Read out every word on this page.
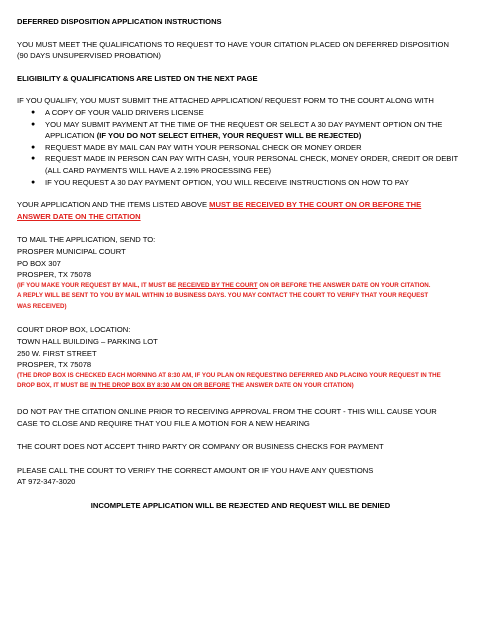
DEFERRED DISPOSITION APPLICATION INSTRUCTIONS

YOU MUST MEET THE QUALIFICATIONS TO REQUEST TO HAVE YOUR CITATION PLACED ON DEFERRED DISPOSITION

(90 DAYS UNSUPERVISED PROBATION)

ELIGIBILITY & QUALIFICATIONS ARE LISTED ON THE NEXT PAGE

IF YOU QUALIFY, YOU MUST SUBMIT THE ATTACHED APPLICATION/ REQUEST FORM TO THE COURT ALONG WITH

● A COPY OF YOUR VALID DRIVERS LICENSE
● YOU MAY SUBMIT PAYMENT AT THE TIME OF THE REQUEST OR SELECT A 30 DAY PAYMENT OPTION ON THE
APPLICATION (IF YOU DO NOT SELECT EITHER, YOUR REQUEST WILL BE REJECTED)
● REQUEST MADE BY MAIL CAN PAY WITH YOUR PERSONAL CHECK OR MONEY ORDER
● REQUEST MADE IN PERSON CAN PAY WITH CASH, YOUR PERSONAL CHECK, MONEY ORDER, CREDIT OR DEBIT
(ALL CARD PAYMENTS WILL HAVE A 2.19% PROCESSING FEE)
● IF YOU REQUEST A 30 DAY PAYMENT OPTION, YOU WILL RECEIVE INSTRUCTIONS ON HOW TO PAY

YOUR APPLICATION AND THE ITEMS LISTED ABOVE MUST BE RECEIVED BY THE COURT ON OR BEFORE THE

ANSWER DATE ON THE CITATION

TO MAIL THE APPLICATION, SEND TO:

PROSPER MUNICIPAL COURT

PO BOX 307

PROSPER, TX 75078

(IF YOU MAKE YOUR REQUEST BY MAIL, IT MUST BE RECEIVED BY THE COURT ON OR BEFORE THE ANSWER DATE ON YOUR CITATION.

A REPLY WILL BE SENT TO YOU BY MAIL WITHIN 10 BUSINESS DAYS. YOU MAY CONTACT THE COURT TO VERIFY THAT YOUR REQUEST

WAS RECEIVED)

COURT DROP BOX, LOCATION:

TOWN HALL BUILDING – PARKING LOT

250 W. FIRST STREET

PROSPER, TX 75078

(THE DROP BOX IS CHECKED EACH MORNING AT 8:30 AM, IF YOU PLAN ON REQUESTING DEFERRED AND PLACING YOUR REQUEST IN THE

DROP BOX, IT MUST BE IN THE DROP BOX BY 8:30 AM ON OR BEFORE THE ANSWER DATE ON YOUR CITATION)

DO NOT PAY THE CITATION ONLINE PRIOR TO RECEIVING APPROVAL FROM THE COURT - THIS WILL CAUSE YOUR

CASE TO CLOSE AND REQUIRE THAT YOU FILE A MOTION FOR A NEW HEARING

THE COURT DOES NOT ACCEPT THIRD PARTY OR COMPANY OR BUSINESS CHECKS FOR PAYMENT

PLEASE CALL THE COURT TO VERIFY THE CORRECT AMOUNT OR IF YOU HAVE ANY QUESTIONS

AT 972-347-3020

INCOMPLETE APPLICATION WILL BE REJECTED AND REQUEST WILL BE DENIED
